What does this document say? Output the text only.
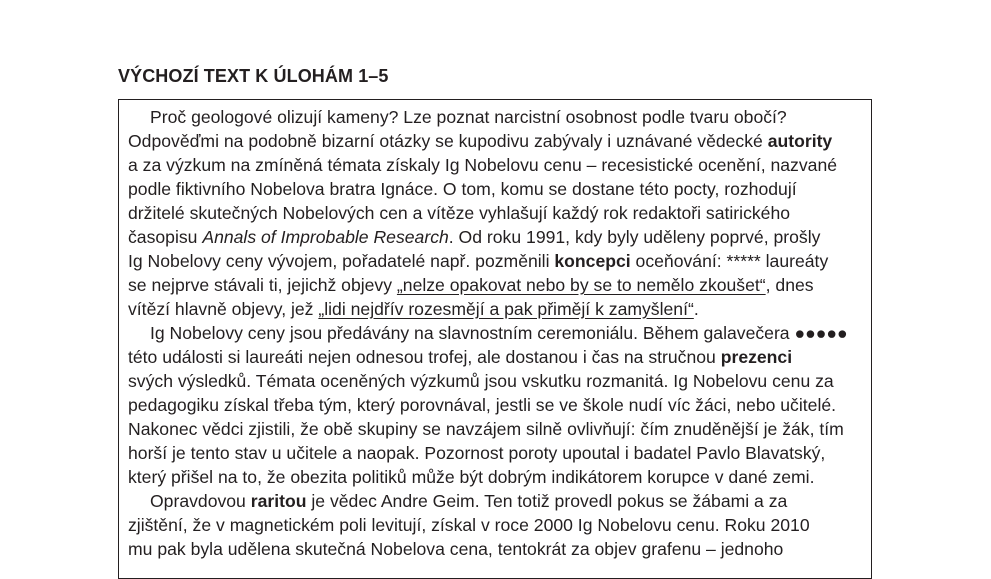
VÝCHOZÍ TEXT K ÚLOHÁM 1–5
Proč geologové olizují kameny? Lze poznat narcistní osobnost podle tvaru obočí?
Odpověďmi na podobně bizarní otázky se kupodivu zabývaly i uznávané vědecké autority
a za výzkum na zmíněná témata získaly Ig Nobelovu cenu – recesistické ocenění, nazvané
podle fiktivního Nobelova bratra Ignáce. O tom, komu se dostane této pocty, rozhodují
držitelé skutečných Nobelových cen a vítěze vyhlašují každý rok redaktoři satirického
časopisu Annals of Improbable Research. Od roku 1991, kdy byly uděleny poprvé, prošly
Ig Nobelovy ceny vývojem, pořadatelé např. pozměnili koncepci oceňování: ***** laureáty
se nejprve stávali ti, jejichž objevy „nelze opakovat nebo by se to nemělo zkoušet“, dnes
vítězí hlavně objevy, jež „lidi nejdřív rozesmějí a pak přimějí k zamyšlení“.
Ig Nobelovy ceny jsou předávány na slavnostním ceremoniálu. Během galavečera ●●●●●
této události si laureáti nejen odnesou trofej, ale dostanou i čas na stručnou prezenci
svých výsledků. Témata oceněných výzkumů jsou vskutku rozmanitá. Ig Nobelovu cenu za
pedagogiku získal třeba tým, který porovnával, jestli se ve škole nudí víc žáci, nebo učitelé.
Nakonec vědci zjistili, že obě skupiny se navzájem silně ovlivňují: čím znuděnější je žák, tím
horší je tento stav u učitele a naopak. Pozornost poroty upoutal i badatel Pavlo Blavatský,
který přišel na to, že obezita politiků může být dobrým indikátorem korupce v dané zemi.
Opravdovou raritou je vědec Andre Geim. Ten totiž provedl pokus se žábami a za
zjištění, že v magnetickém poli levitují, získal v roce 2000 Ig Nobelovu cenu. Roku 2010
mu pak byla udělena skutečná Nobelova cena, tentokrát za objev grafenu – jednoho
